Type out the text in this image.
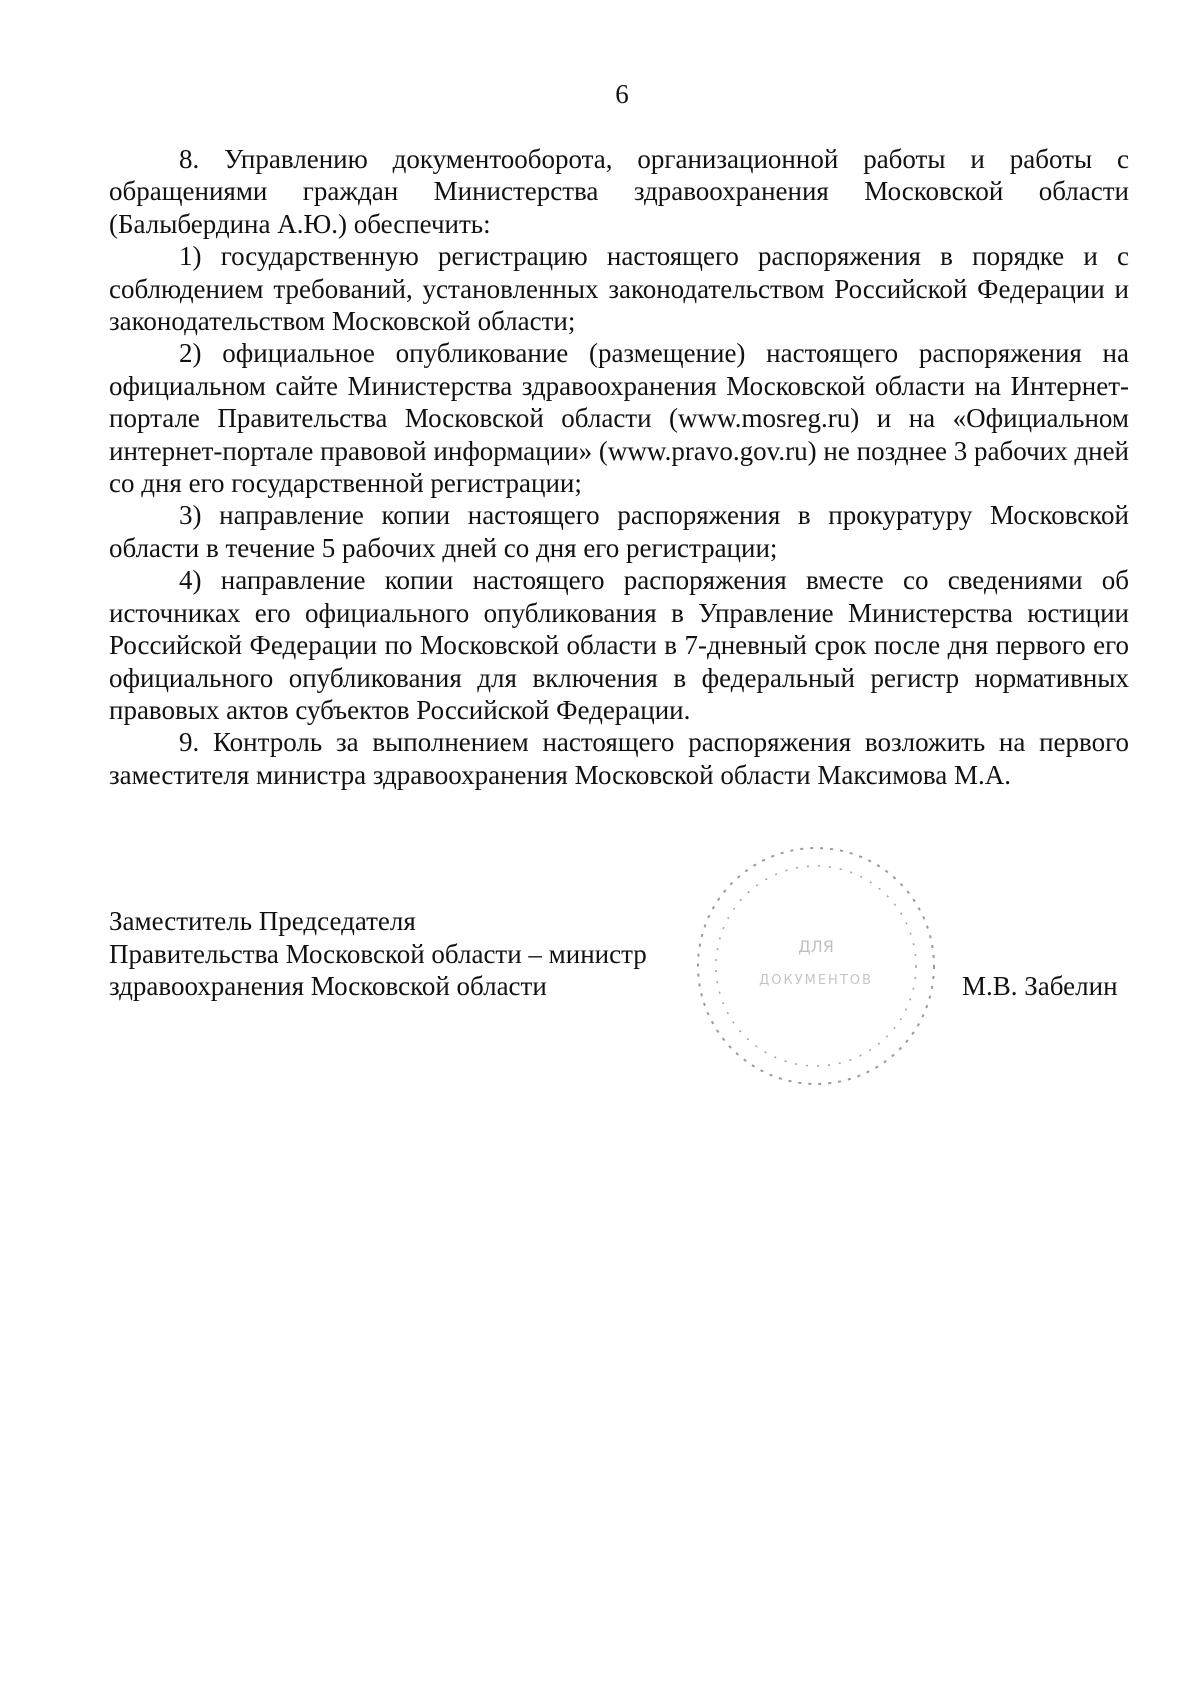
6

8. Управлению документооборота, организационной работы и работы с обращениями граждан Министерства здравоохранения Московской области (Балыбердина А.Ю.) обеспечить:

1) государственную регистрацию настоящего распоряжения в порядке и с соблюдением требований, установленных законодательством Российской Федерации и законодательством Московской области;

2) официальное опубликование (размещение) настоящего распоряжения на официальном сайте Министерства здравоохранения Московской области на Интернет-портале Правительства Московской области (www.mosreg.ru) и на «Официальном интернет-портале правовой информации» (www.pravo.gov.ru) не позднее 3 рабочих дней со дня его государственной регистрации;

3) направление копии настоящего распоряжения в прокуратуру Московской области в течение 5 рабочих дней со дня его регистрации;

4) направление копии настоящего распоряжения вместе со сведениями об источниках его официального опубликования в Управление Министерства юстиции Российской Федерации по Московской области в 7-дневный срок после дня первого его официального опубликования для включения в федеральный регистр нормативных правовых актов субъектов Российской Федерации.

9. Контроль за выполнением настоящего распоряжения возложить на первого заместителя министра здравоохранения Московской области Максимова М.А.

Заместитель Председателя
Правительства Московской области – министр
здравоохранения Московской области
ДЛЯ
ДОКУМЕНТОВ	М.В. Забелин
